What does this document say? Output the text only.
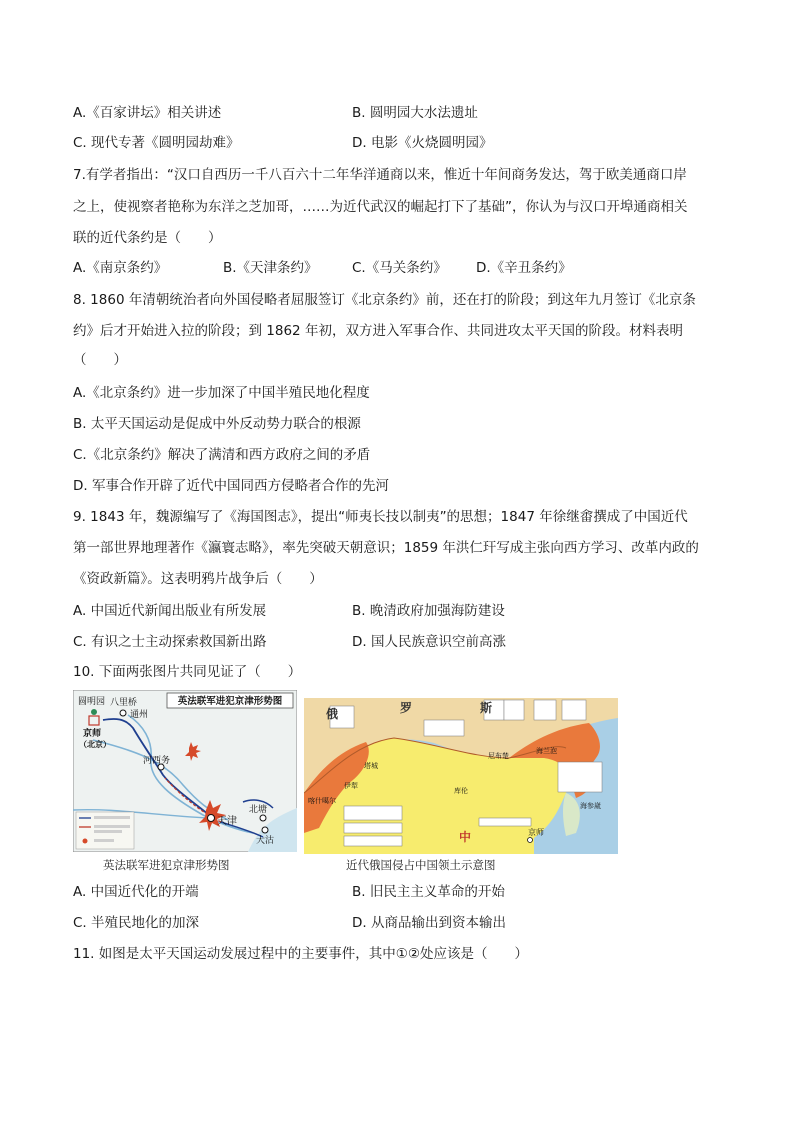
A.《百家讲坛》相关讲述	B. 圆明园大水法遗址
C. 现代专著《圆明园劫难》	D. 电影《火烧圆明园》
7.有学者指出：“汉口自西历一千八百六十二年华洋通商以来，惟近十年间商务发达，驾于欧美通商口岸
之上，使视察者艳称为东洋之芝加哥，……为近代武汉的崛起打下了基础”，你认为与汉口开埠通商相关
联的近代条约是（　　）
A.《南京条约》	B.《天津条约》	C.《马关条约》 D.《辛丑条约》
8. 1860 年清朝统治者向外国侵略者屈服签订《北京条约》前，还在打的阶段；到这年九月签订《北京条
约》后才开始进入拉的阶段；到 1862 年初，双方进入军事合作、共同进攻太平天国的阶段。材料表明
（　　）
A.《北京条约》进一步加深了中国半殖民地化程度
B. 太平天国运动是促成中外反动势力联合的根源
C.《北京条约》解决了满清和西方政府之间的矛盾
D. 军事合作开辟了近代中国同西方侵略者合作的先河
9. 1843 年，魏源编写了《海国图志》，提出“师夷长技以制夷”的思想；1847 年徐继畬撰成了中国近代
第一部世界地理著作《瀛寰志略》，率先突破天朝意识；1859 年洪仁玕写成主张向西方学习、改革内政的
《资政新篇》。这表明鸦片战争后（　　）
A. 中国近代新闻出版业有所发展	B. 晚清政府加强海防建设
C. 有识之士主动探索救国新出路	D. 国人民族意识空前高涨
10. 下面两张图片共同见证了（　　）
英法联军进犯京津形势图
圆明园
京师
（北京）
八里桥
通州
河西务
天津
北塘
大沽
英法联军进犯京津形势图
俄	罗	斯
中	京师
海参崴
塔城
伊犁
喀什噶尔
库伦
尼布楚
海兰泡
近代俄国侵占中国领土示意图
A. 中国近代化的开端	B. 旧民主主义革命的开始
C. 半殖民地化的加深	D. 从商品输出到资本输出
11. 如图是太平天国运动发展过程中的主要事件，其中①②处应该是（　　）
